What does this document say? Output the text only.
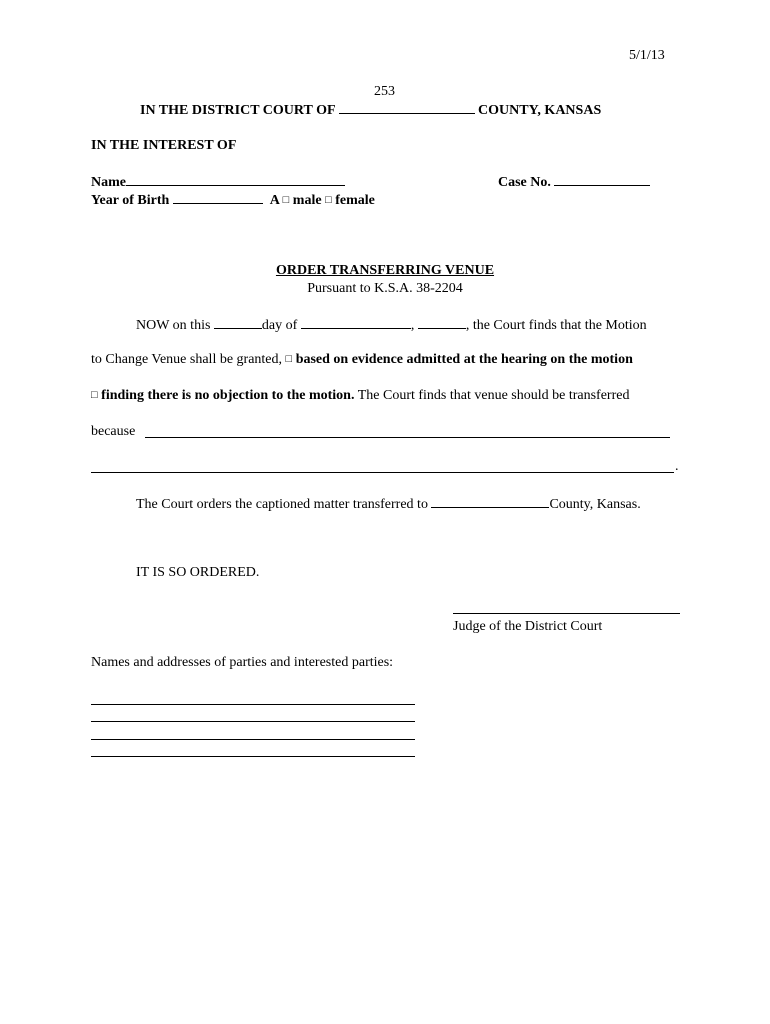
5/1/13
253
IN THE DISTRICT COURT OF	COUNTY, KANSAS
IN THE INTEREST OF
Name	Case No.
Year of Birth	A □ male □ female
ORDER TRANSFERRING VENUE
Pursuant to K.S.A. 38-2204
NOW on this	day of	,	, the Court finds that the Motion
to Change Venue shall be granted, □ based on evidence admitted at the hearing on the motion
□ finding there is no objection to the motion. The Court finds that venue should be transferred
because
.
The Court orders the captioned matter transferred to	County, Kansas.
IT IS SO ORDERED.
Judge of the District Court
Names and addresses of parties and interested parties:
